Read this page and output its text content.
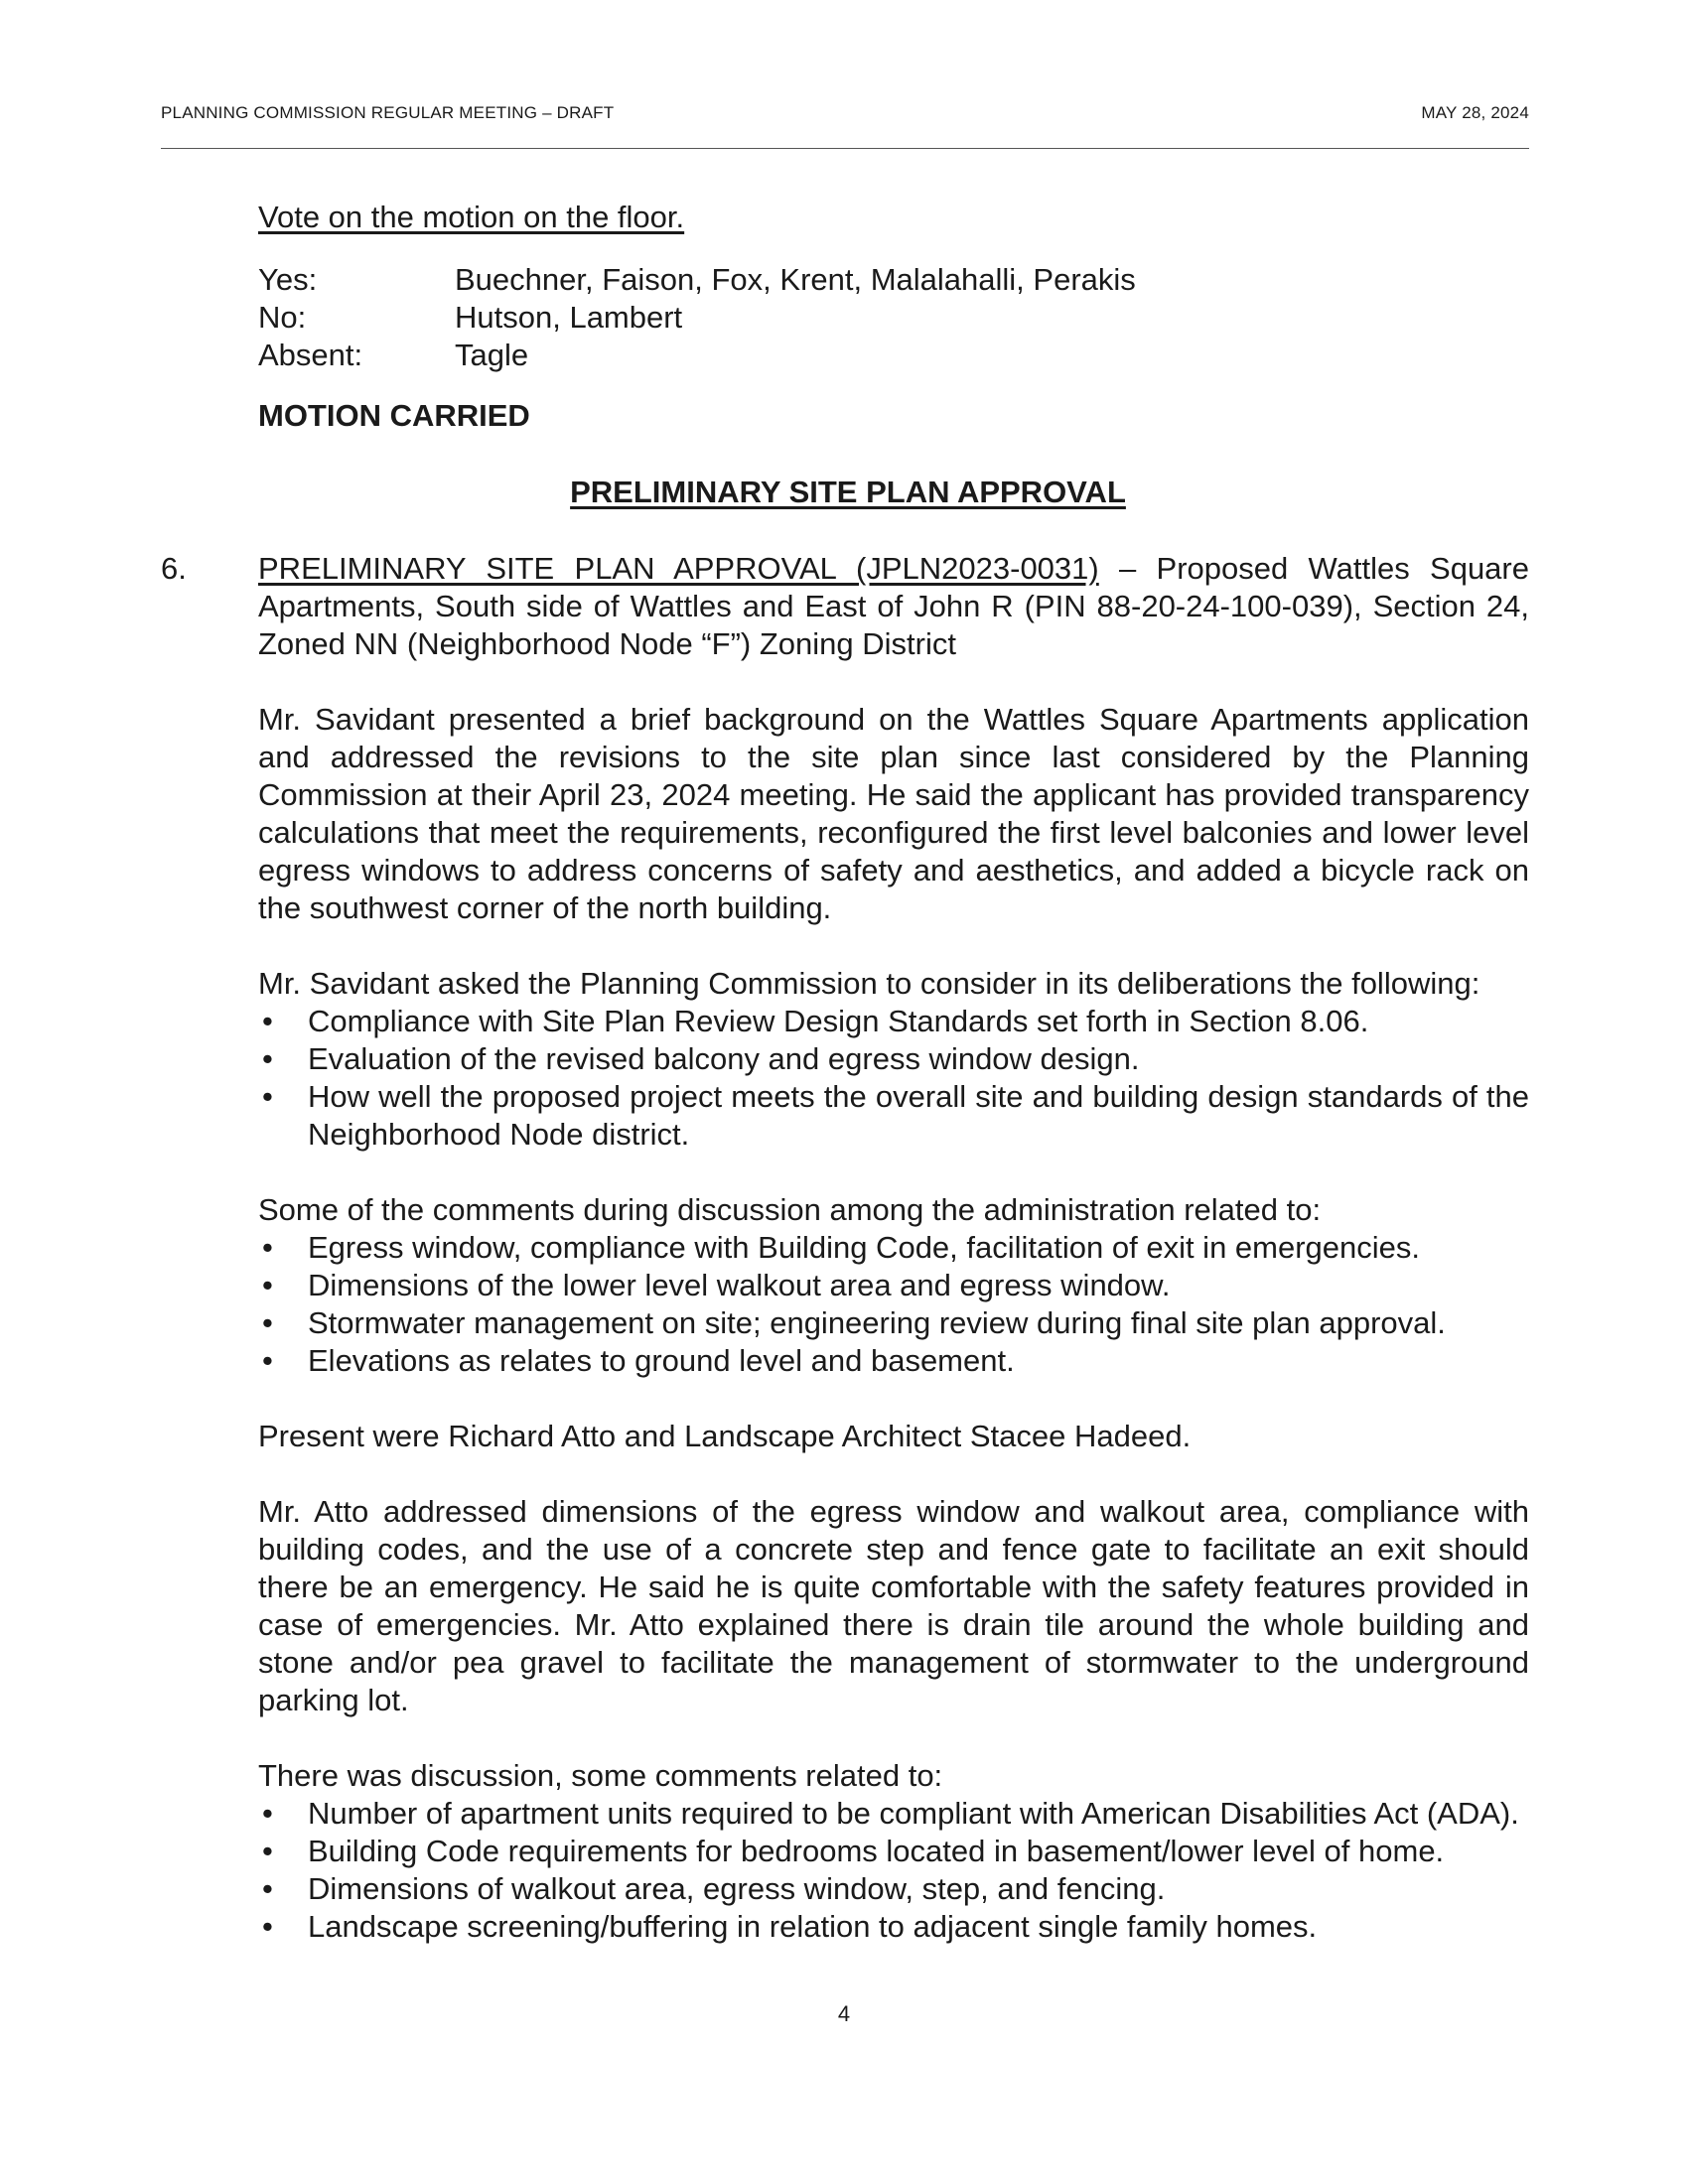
PLANNING COMMISSION REGULAR MEETING – DRAFT	MAY 28, 2024
Vote on the motion on the floor.
Yes:	Buechner, Faison, Fox, Krent, Malalahalli, Perakis
No:	Hutson, Lambert
Absent:	Tagle
MOTION CARRIED
PRELIMINARY SITE PLAN APPROVAL
6. PRELIMINARY SITE PLAN APPROVAL (JPLN2023-0031) – Proposed Wattles Square Apartments, South side of Wattles and East of John R (PIN 88-20-24-100-039), Section 24, Zoned NN (Neighborhood Node “F”) Zoning District

Mr. Savidant presented a brief background on the Wattles Square Apartments application and addressed the revisions to the site plan since last considered by the Planning Commission at their April 23, 2024 meeting. He said the applicant has provided transparency calculations that meet the requirements, reconfigured the first level balconies and lower level egress windows to address concerns of safety and aesthetics, and added a bicycle rack on the southwest corner of the north building.

Mr. Savidant asked the Planning Commission to consider in its deliberations the following:

• Compliance with Site Plan Review Design Standards set forth in Section 8.06.
• Evaluation of the revised balcony and egress window design.
• How well the proposed project meets the overall site and building design standards of the Neighborhood Node district.

Some of the comments during discussion among the administration related to:

• Egress window, compliance with Building Code, facilitation of exit in emergencies.
• Dimensions of the lower level walkout area and egress window.
• Stormwater management on site; engineering review during final site plan approval.
• Elevations as relates to ground level and basement.

Present were Richard Atto and Landscape Architect Stacee Hadeed.

Mr. Atto addressed dimensions of the egress window and walkout area, compliance with building codes, and the use of a concrete step and fence gate to facilitate an exit should there be an emergency. He said he is quite comfortable with the safety features provided in case of emergencies. Mr. Atto explained there is drain tile around the whole building and stone and/or pea gravel to facilitate the management of stormwater to the underground parking lot.

There was discussion, some comments related to:

• Number of apartment units required to be compliant with American Disabilities Act (ADA).
• Building Code requirements for bedrooms located in basement/lower level of home.
• Dimensions of walkout area, egress window, step, and fencing.
• Landscape screening/buffering in relation to adjacent single family homes.
4
